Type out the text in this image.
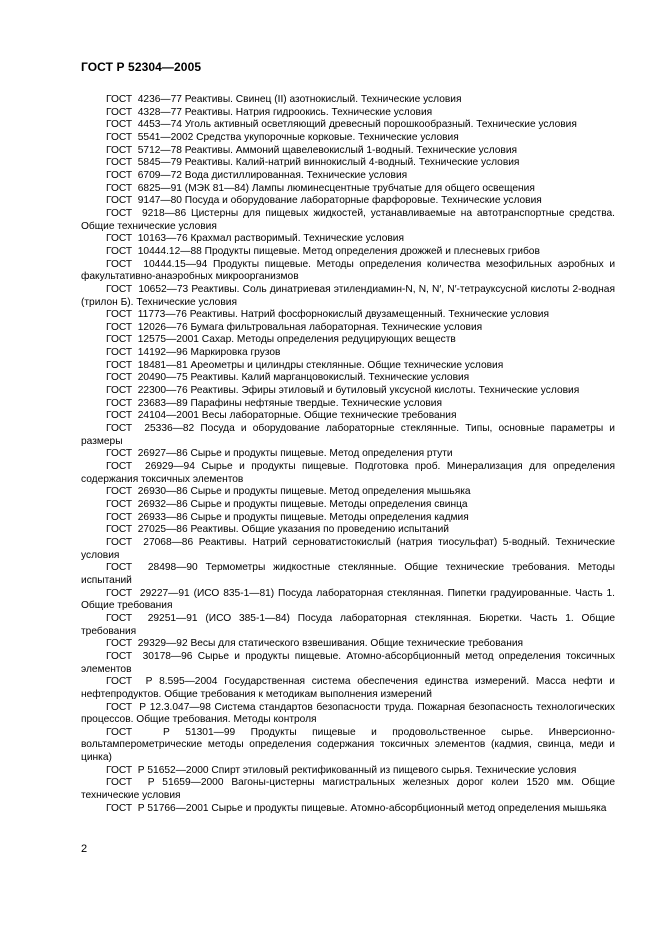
ГОСТ Р 52304—2005
ГОСТ  4236—77 Реактивы. Свинец (II) азотнокислый. Технические условия
ГОСТ  4328—77 Реактивы. Натрия гидроокись. Технические условия
ГОСТ  4453—74 Уголь активный осветляющий древесный порошкообразный. Технические условия
ГОСТ  5541—2002 Средства укупорочные корковые. Технические условия
ГОСТ  5712—78 Реактивы. Аммоний щавелевокислый 1-водный. Технические условия
ГОСТ  5845—79 Реактивы. Калий-натрий виннокислый 4-водный. Технические условия
ГОСТ  6709—72 Вода дистиллированная. Технические условия
ГОСТ  6825—91 (МЭК 81—84) Лампы люминесцентные трубчатые для общего освещения
ГОСТ  9147—80 Посуда и оборудование лабораторные фарфоровые. Технические условия
ГОСТ  9218—86 Цистерны для пищевых жидкостей, устанавливаемые на автотранспортные средства. Общие технические условия
ГОСТ  10163—76 Крахмал растворимый. Технические условия
ГОСТ  10444.12—88 Продукты пищевые. Метод определения дрожжей и плесневых грибов
ГОСТ  10444.15—94 Продукты пищевые. Методы определения количества мезофильных аэробных и факультативно-анаэробных микроорганизмов
ГОСТ  10652—73 Реактивы. Соль динатриевая этилендиамин-N, N, N′, N′-тетрауксусной кислоты 2-водная (трилон Б). Технические условия
ГОСТ  11773—76 Реактивы. Натрий фосфорнокислый двузамещенный. Технические условия
ГОСТ  12026—76 Бумага фильтровальная лабораторная. Технические условия
ГОСТ  12575—2001 Сахар. Методы определения редуцирующих веществ
ГОСТ  14192—96 Маркировка грузов
ГОСТ  18481—81 Ареометры и цилиндры стеклянные. Общие технические условия
ГОСТ  20490—75 Реактивы. Калий марганцовокислый. Технические условия
ГОСТ  22300—76 Реактивы. Эфиры этиловый и бутиловый уксусной кислоты. Технические условия
ГОСТ  23683—89 Парафины нефтяные твердые. Технические условия
ГОСТ  24104—2001 Весы лабораторные. Общие технические требования
ГОСТ  25336—82 Посуда и оборудование лабораторные стеклянные. Типы, основные параметры и размеры
ГОСТ  26927—86 Сырье и продукты пищевые. Метод определения ртути
ГОСТ  26929—94 Сырье и продукты пищевые. Подготовка проб. Минерализация для определения содержания токсичных элементов
ГОСТ  26930—86 Сырье и продукты пищевые. Метод определения мышьяка
ГОСТ  26932—86 Сырье и продукты пищевые. Методы определения свинца
ГОСТ  26933—86 Сырье и продукты пищевые. Методы определения кадмия
ГОСТ  27025—86 Реактивы. Общие указания по проведению испытаний
ГОСТ  27068—86 Реактивы. Натрий серноватистокислый (натрия тиосульфат) 5-водный. Технические условия
ГОСТ  28498—90 Термометры жидкостные стеклянные. Общие технические требования. Методы испытаний
ГОСТ  29227—91 (ИСО 835-1—81) Посуда лабораторная стеклянная. Пипетки градуированные. Часть 1. Общие требования
ГОСТ  29251—91 (ИСО 385-1—84) Посуда лабораторная стеклянная. Бюретки. Часть 1. Общие требования
ГОСТ  29329—92 Весы для статического взвешивания. Общие технические требования
ГОСТ  30178—96 Сырье и продукты пищевые. Атомно-абсорбционный метод определения токсичных элементов
ГОСТ  Р 8.595—2004 Государственная система обеспечения единства измерений. Масса нефти и нефтепродуктов. Общие требования к методикам выполнения измерений
ГОСТ  Р 12.3.047—98 Система стандартов безопасности труда. Пожарная безопасность технологических процессов. Общие требования. Методы контроля
ГОСТ  Р 51301—99 Продукты пищевые и продовольственное сырье. Инверсионно-вольтамперометрические методы определения содержания токсичных элементов (кадмия, свинца, меди и цинка)
ГОСТ  Р 51652—2000 Спирт этиловый ректификованный из пищевого сырья. Технические условия
ГОСТ  Р 51659—2000 Вагоны-цистерны магистральных железных дорог колеи 1520 мм. Общие технические условия
ГОСТ  Р 51766—2001 Сырье и продукты пищевые. Атомно-абсорбционный метод определения мышьяка
2
